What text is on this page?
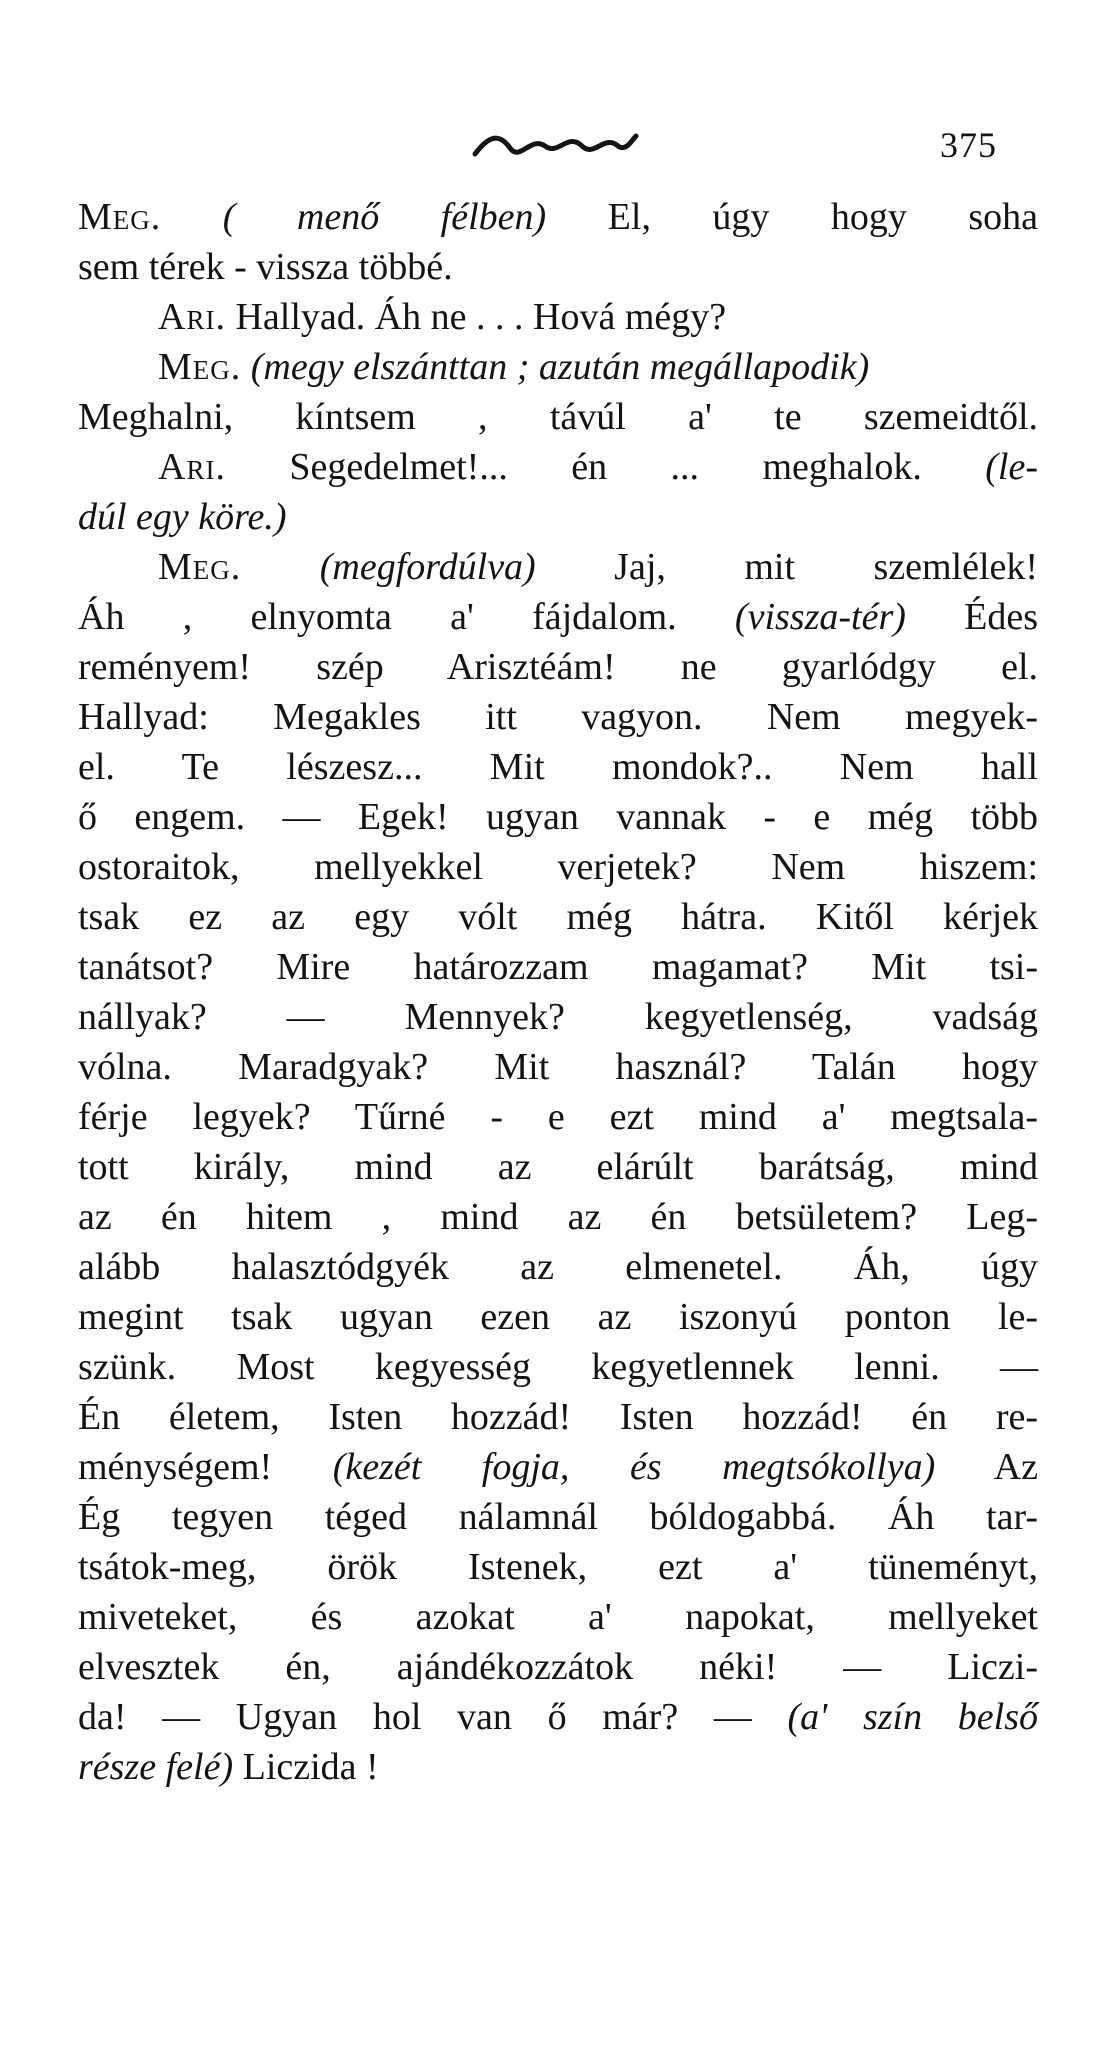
375
Meg. ( menő félben) El, úgy hogy soha
sem térek - vissza többé.
Ari. Hallyad. Áh ne . . . Hová mégy?
Meg. (megy elszánttan ; azután megállapodik)
Meghalni, kíntsem , távúl a' te szemeidtől.
Ari. Segedelmet!... én ... meghalok. (le-
dúl egy köre.)
Meg. (megfordúlva) Jaj, mit szemlélek!
Áh , elnyomta a' fájdalom. (vissza-tér) Édes
reményem! szép Arisztéám! ne gyarlódgy el.
Hallyad: Megakles itt vagyon. Nem megyek-
el. Te lészesz... Mit mondok?.. Nem hall
ő engem. — Egek! ugyan vannak - e még több
ostoraitok, mellyekkel verjetek? Nem hiszem:
tsak ez az egy vólt még hátra. Kitől kérjek
tanátsot? Mire határozzam magamat? Mit tsi-
nállyak? — Mennyek? kegyetlenség, vadság
vólna. Maradgyak? Mit használ? Talán hogy
férje legyek? Tűrné - e ezt mind a' megtsala-
tott király, mind az elárúlt barátság, mind
az én hitem , mind az én betsületem? Leg-
alább halasztódgyék az elmenetel. Áh, úgy
megint tsak ugyan ezen az iszonyú ponton le-
szünk. Most kegyesség kegyetlennek lenni. —
Én életem, Isten hozzád! Isten hozzád! én re-
ménységem! (kezét fogja, és megtsókollya) Az
Ég tegyen téged nálamnál bóldogabbá. Áh tar-
tsátok-meg, örök Istenek, ezt a' tüneményt,
miveteket, és azokat a' napokat, mellyeket
elvesztek én, ajándékozzátok néki! — Liczi-
da! — Ugyan hol van ő már? — (a' szín belső
része felé) Liczida !
